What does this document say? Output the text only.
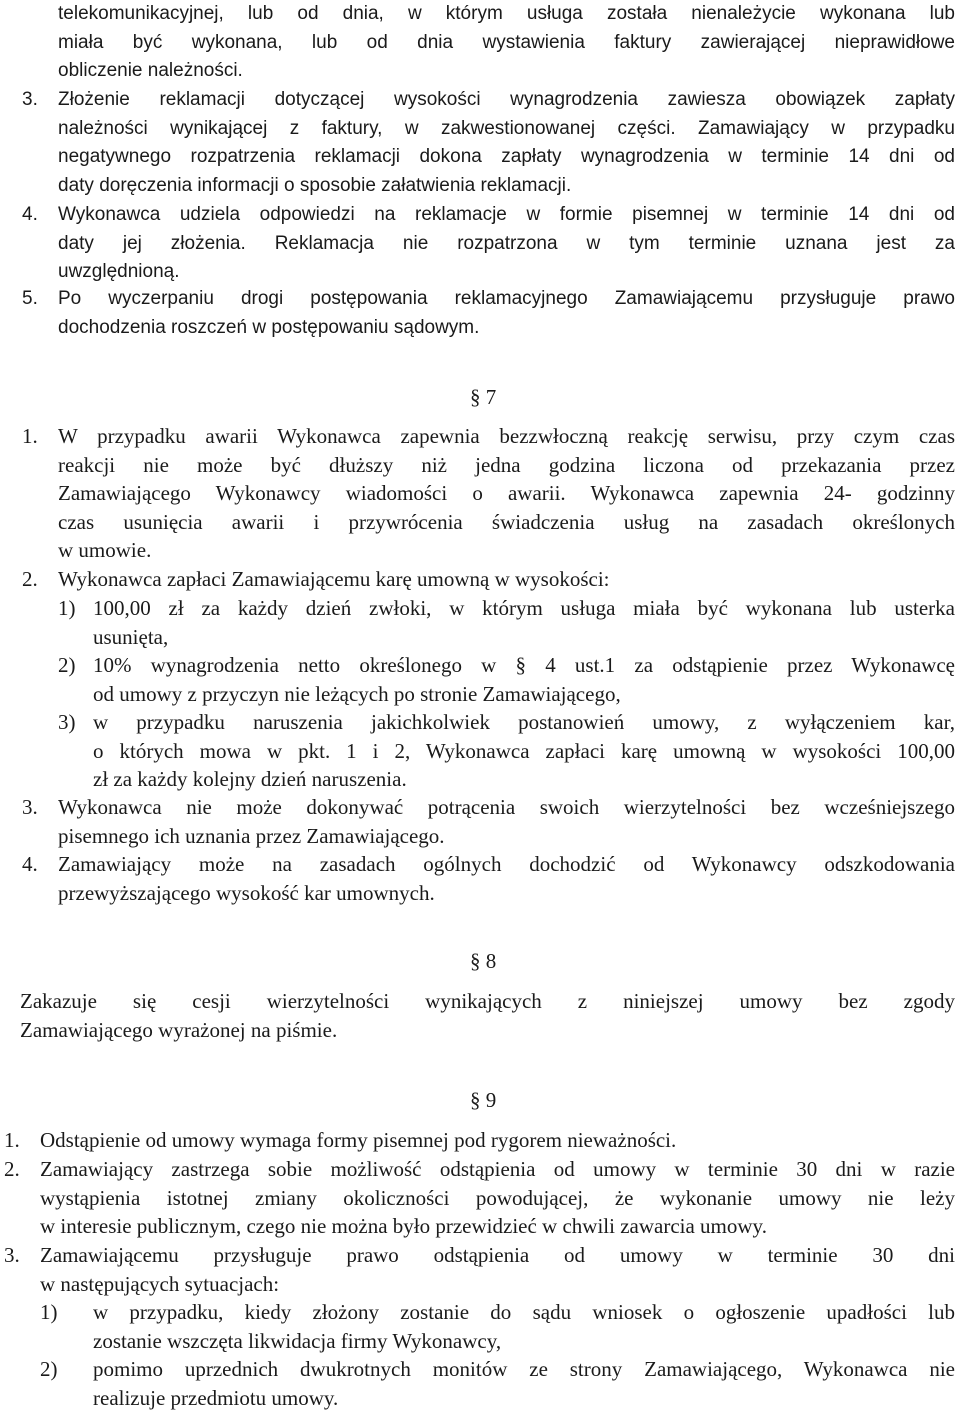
telekomunikacyjnej, lub od dnia, w którym usługa została nienależycie wykonana lub

miała być wykonana, lub od dnia wystawienia faktury zawierającej nieprawidłowe

obliczenie należności.

3. Złożenie reklamacji dotyczącej wysokości wynagrodzenia zawiesza obowiązek zapłaty

należności wynikającej z faktury, w zakwestionowanej części. Zamawiający w przypadku

negatywnego rozpatrzenia reklamacji dokona zapłaty wynagrodzenia w terminie 14 dni od

daty doręczenia informacji o sposobie załatwienia reklamacji.

4. Wykonawca udziela odpowiedzi na reklamacje w formie pisemnej w terminie 14 dni od

daty jej złożenia. Reklamacja nie rozpatrzona w tym terminie uznana jest za

uwzględnioną.

5. Po wyczerpaniu drogi postępowania reklamacyjnego Zamawiającemu przysługuje prawo

dochodzenia roszczeń w postępowaniu sądowym.

§ 7

1. W przypadku awarii Wykonawca zapewnia bezzwłoczną reakcję serwisu, przy czym czas

reakcji nie może być dłuższy niż jedna godzina liczona od przekazania przez

Zamawiającego Wykonawcy wiadomości o awarii. Wykonawca zapewnia 24- godzinny

czas usunięcia awarii i przywrócenia świadczenia usług na zasadach określonych

w umowie.

2. Wykonawca zapłaci Zamawiającemu karę umowną w wysokości:

1) 100,00 zł za każdy dzień zwłoki, w którym usługa miała być wykonana lub usterka

usunięta,

2) 10% wynagrodzenia netto określonego w § 4 ust.1 za odstąpienie przez Wykonawcę

od umowy z przyczyn nie leżących po stronie Zamawiającego,

3) w przypadku naruszenia jakichkolwiek postanowień umowy, z wyłączeniem kar,

o których mowa w pkt. 1 i 2, Wykonawca zapłaci karę umowną w wysokości 100,00

zł za każdy kolejny dzień naruszenia.

3. Wykonawca nie może dokonywać potrącenia swoich wierzytelności bez wcześniejszego

pisemnego ich uznania przez Zamawiającego.

4. Zamawiający może na zasadach ogólnych dochodzić od Wykonawcy odszkodowania

przewyższającego wysokość kar umownych.

§ 8

Zakazuje się cesji wierzytelności wynikających z niniejszej umowy bez zgody

Zamawiającego wyrażonej na piśmie.

§ 9

1. Odstąpienie od umowy wymaga formy pisemnej pod rygorem nieważności.

2. Zamawiający zastrzega sobie możliwość odstąpienia od umowy w terminie 30 dni w razie

wystąpienia istotnej zmiany okoliczności powodującej, że wykonanie umowy nie leży

w interesie publicznym, czego nie można było przewidzieć w chwili zawarcia umowy.

3. Zamawiającemu przysługuje prawo odstąpienia od umowy w terminie 30 dni

w następujących sytuacjach:

1) w przypadku, kiedy złożony zostanie do sądu wniosek o ogłoszenie upadłości lub

zostanie wszczęta likwidacja firmy Wykonawcy,

2) pomimo uprzednich dwukrotnych monitów ze strony Zamawiającego, Wykonawca nie

realizuje przedmiotu umowy.
